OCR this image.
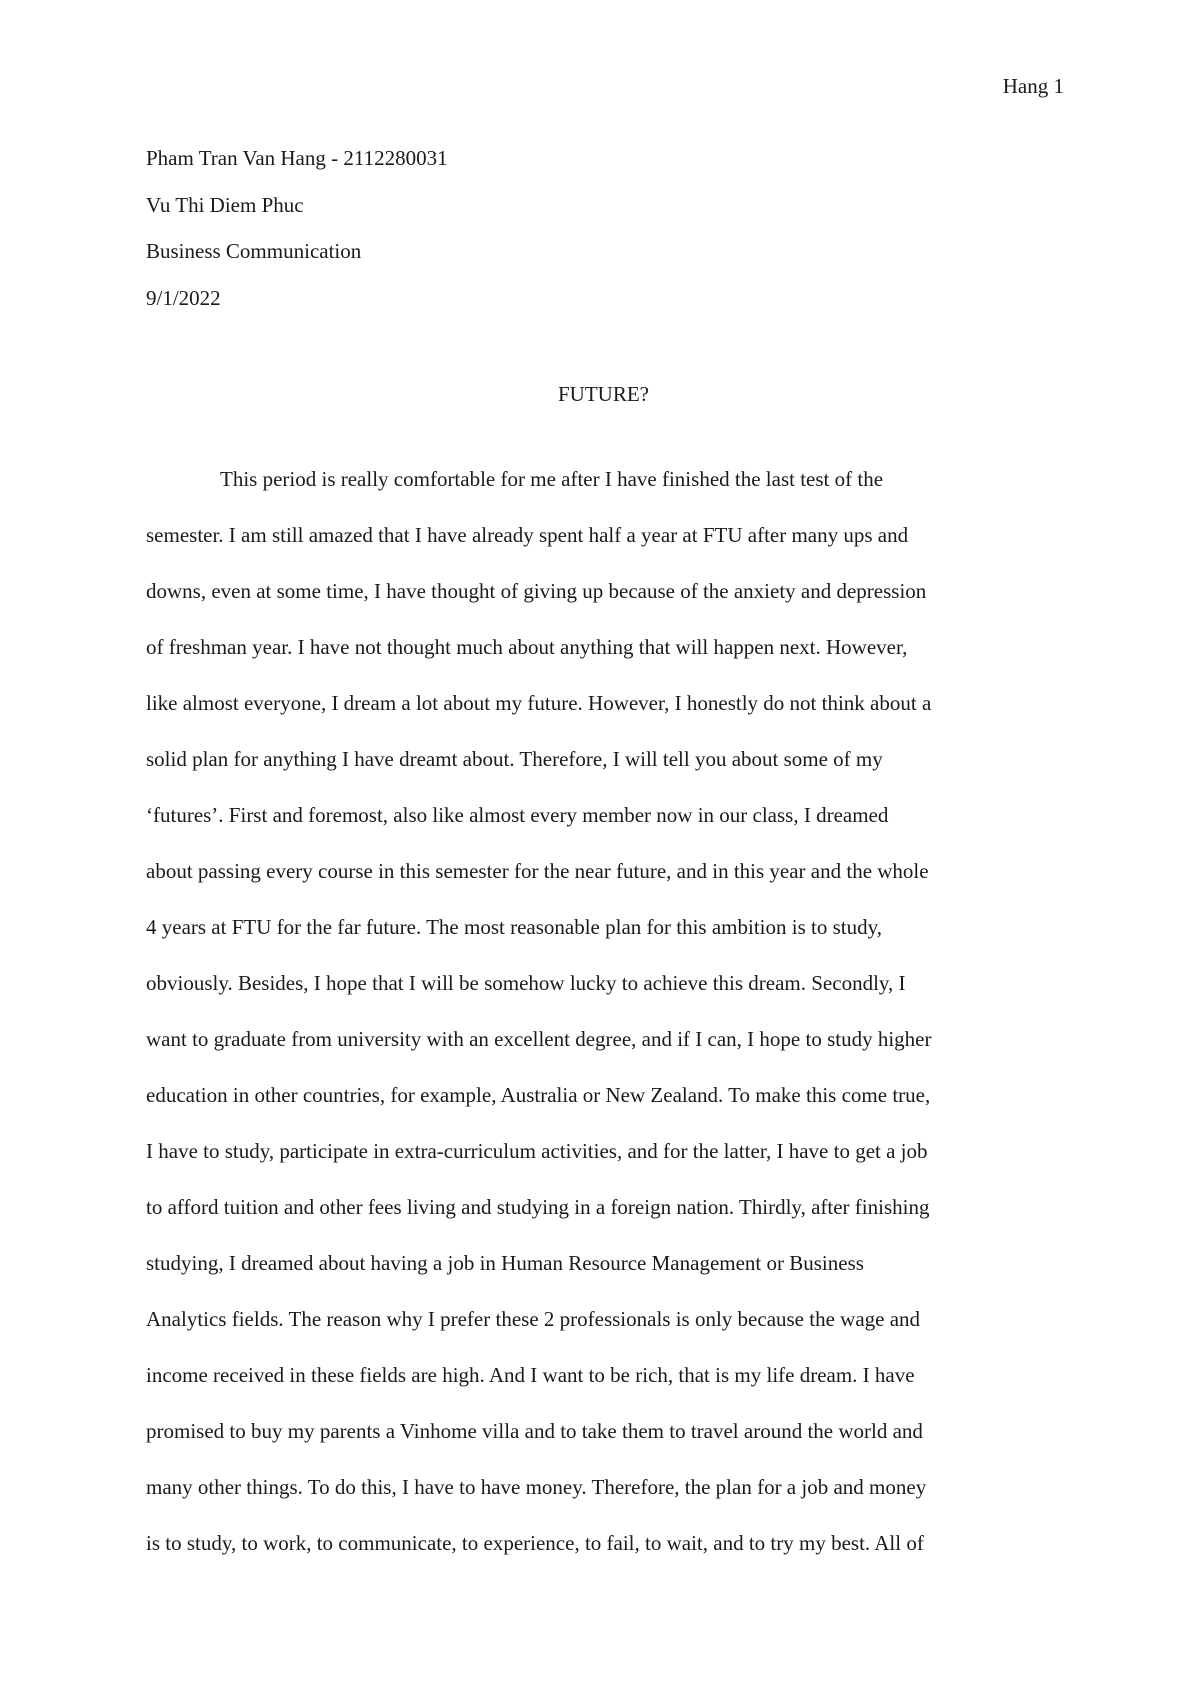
Hang 1
Pham Tran Van Hang - 2112280031
Vu Thi Diem Phuc
Business Communication
9/1/2022
FUTURE?
This period is really comfortable for me after I have finished the last test of the
semester. I am still amazed that I have already spent half a year at FTU after many ups and
downs, even at some time, I have thought of giving up because of the anxiety and depression
of freshman year. I have not thought much about anything that will happen next. However,
like almost everyone, I dream a lot about my future. However, I honestly do not think about a
solid plan for anything I have dreamt about. Therefore, I will tell you about some of my
‘futures’. First and foremost, also like almost every member now in our class, I dreamed
about passing every course in this semester for the near future, and in this year and the whole
4 years at FTU for the far future. The most reasonable plan for this ambition is to study,
obviously. Besides, I hope that I will be somehow lucky to achieve this dream. Secondly, I
want to graduate from university with an excellent degree, and if I can, I hope to study higher
education in other countries, for example, Australia or New Zealand. To make this come true,
I have to study, participate in extra-curriculum activities, and for the latter, I have to get a job
to afford tuition and other fees living and studying in a foreign nation. Thirdly, after finishing
studying, I dreamed about having a job in Human Resource Management or Business
Analytics fields. The reason why I prefer these 2 professionals is only because the wage and
income received in these fields are high. And I want to be rich, that is my life dream. I have
promised to buy my parents a Vinhome villa and to take them to travel around the world and
many other things. To do this, I have to have money. Therefore, the plan for a job and money
is to study, to work, to communicate, to experience, to fail, to wait, and to try my best. All of
